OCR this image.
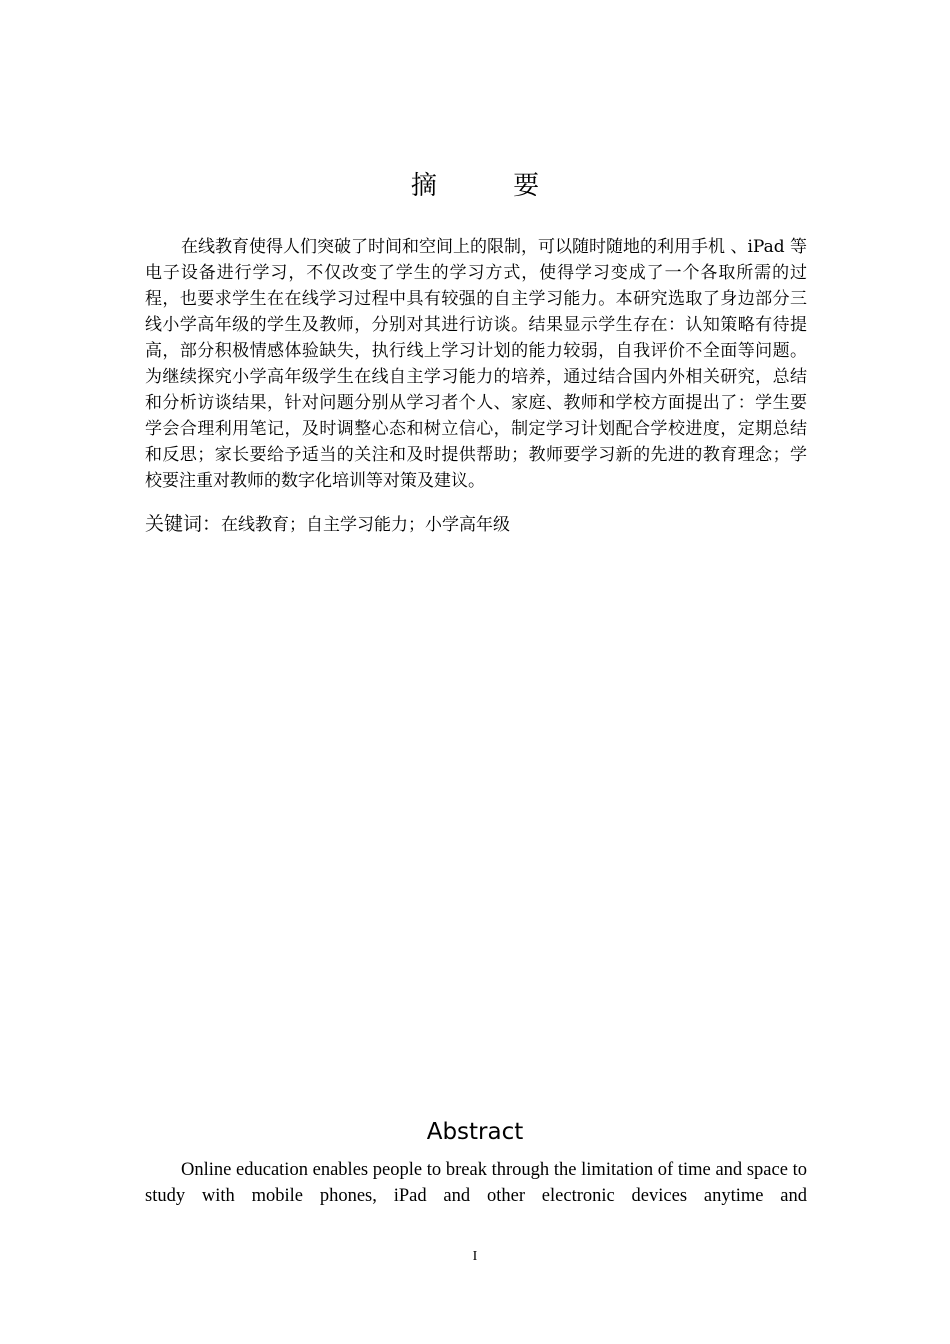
摘 要

在线教育使得人们突破了时间和空间上的限制，可以随时随地的利用手机 、iPad 等电子设备进行学习，不仅改变了学生的学习方式，使得学习变成了一个各取所需的过程，也要求学生在在线学习过程中具有较强的自主学习能力。本研究选取了身边部分三线小学高年级的学生及教师，分别对其进行访谈。结果显示学生存在：认知策略有待提高，部分积极情感体验缺失，执行线上学习计划的能力较弱，自我评价不全面等问题。为继续探究小学高年级学生在线自主学习能力的培养，通过结合国内外相关研究，总结和分析访谈结果，针对问题分别从学习者个人、家庭、教师和学校方面提出了：学生要学会合理利用笔记，及时调整心态和树立信心，制定学习计划配合学校进度，定期总结和反思；家长要给予适当的关注和及时提供帮助；教师要学习新的先进的教育理念；学校要注重对教师的数字化培训等对策及建议。

关键词：在线教育；自主学习能力；小学高年级

Abstract

Online education enables people to break through the limitation of time and space to study with mobile phones, iPad and other electronic devices anytime and

I
